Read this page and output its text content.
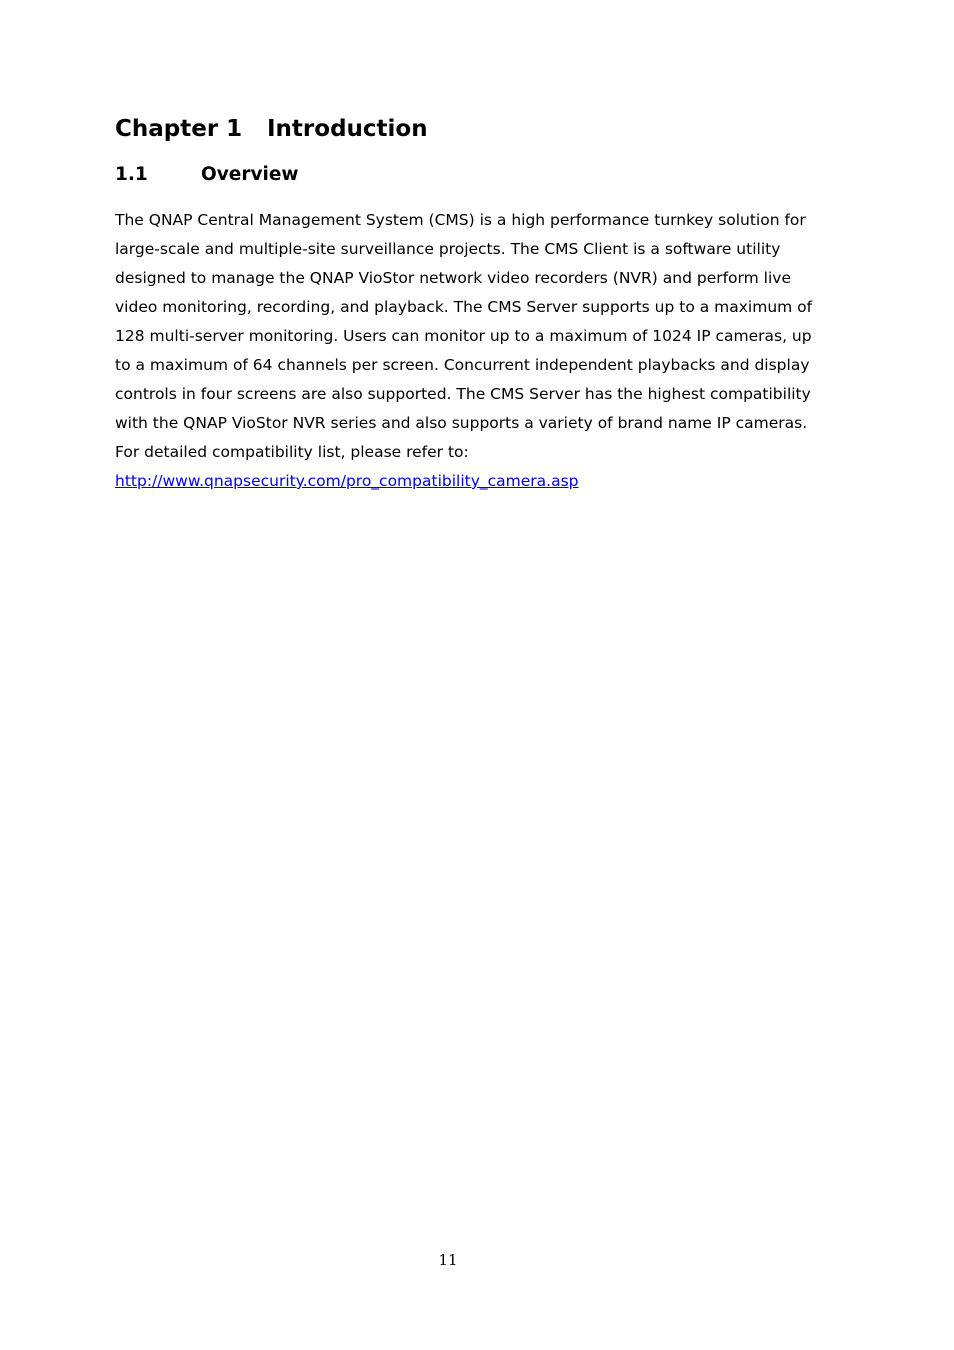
Chapter 1 Introduction
1.1	Overview
The QNAP Central Management System (CMS) is a high performance turnkey solution for
large-scale and multiple-site surveillance projects. The CMS Client is a software utility
designed to manage the QNAP VioStor network video recorders (NVR) and perform live
video monitoring, recording, and playback. The CMS Server supports up to a maximum of
128 multi-server monitoring. Users can monitor up to a maximum of 1024 IP cameras, up
to a maximum of 64 channels per screen. Concurrent independent playbacks and display
controls in four screens are also supported. The CMS Server has the highest compatibility
with the QNAP VioStor NVR series and also supports a variety of brand name IP cameras.
For detailed compatibility list, please refer to:
http://www.qnapsecurity.com/pro_compatibility_camera.asp
11
